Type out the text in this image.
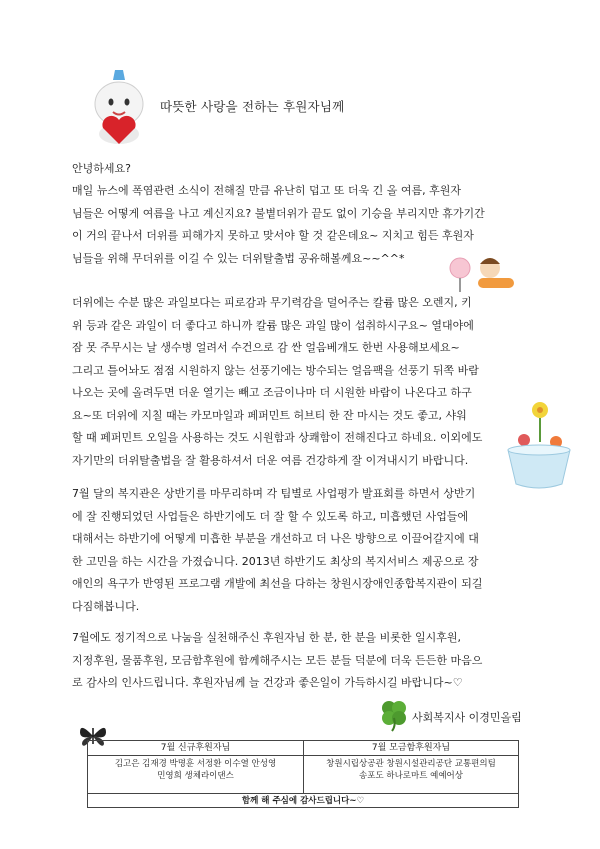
따뜻한 사랑을 전하는 후원자님께
안녕하세요?
매일 뉴스에 폭염관련 소식이 전해질 만큼 유난히 덥고 또 더욱 긴 올 여름, 후원자
님들은 어떻게 여름을 나고 계신지요? 불볕더위가 끝도 없이 기승을 부리지만 휴가기간
이 거의 끝나서 더위를 피해가지 못하고 맞서야 할 것 같은데요~ 지치고 힘든 후원자
님들을 위해 무더위를 이길 수 있는 더위탈출법 공유해볼께요~~^^*
더위에는 수분 많은 과일보다는 피로감과 무기력감을 덜어주는 칼륨 많은 오렌지, 키
위 등과 같은 과일이 더 좋다고 하니까 칼륨 많은 과일 많이 섭취하시구요~ 열대야에
잠 못 주무시는 날 생수병 얼려서 수건으로 감 싼 얼음베개도 한번 사용해보세요~
그리고 틀어놔도 점점 시원하지 않는 선풍기에는 방수되는 얼음팩을 선풍기 뒤쪽 바람
나오는 곳에 올려두면 더운 열기는 빼고 조금이나마 더 시원한 바람이 나온다고 하구
요~또 더위에 지칠 때는 카모마일과 페퍼민트 허브티 한 잔 마시는 것도 좋고, 샤워
할 때 페퍼민트 오일을 사용하는 것도 시원함과 상쾌함이 전해진다고 하네요. 이외에도
자기만의 더위탈출법을 잘 활용하셔서 더운 여름 건강하게 잘 이겨내시기 바랍니다.
7월 달의 복지관은 상반기를 마무리하며 각 팀별로 사업평가 발표회를 하면서 상반기
에 잘 진행되었던 사업들은 하반기에도 더 잘 할 수 있도록 하고, 미흡했던 사업들에
대해서는 하반기에 어떻게 미흡한 부분을 개선하고 더 나은 방향으로 이끌어갈지에 대
한 고민을 하는 시간을 가졌습니다. 2013년 하반기도 최상의 복지서비스 제공으로 장
애인의 욕구가 반영된 프로그램 개발에 최선을 다하는 창원시장애인종합복지관이 되길
다짐해봅니다.
7월에도 정기적으로 나눔을 실천해주신 후원자님 한 분, 한 분을 비롯한 일시후원,
지정후원, 물품후원, 모금함후원에 함께해주시는 모든 분들 덕분에 더욱 든든한 마음으
로 감사의 인사드립니다. 후원자님께 늘 건강과 좋은일이 가득하시길 바랍니다~♡
사회복지사 이경민올림
7월 신규후원자님
김고은 김재경 박명훈 서정환 이수열 안성영
민영희 생체라이댄스
7월 모금함후원자님
창원시립상공관 창원시설관리공단 교통편의팀
송포도 하나로마트 예예어상
함께 해 주심에 감사드립니다~♡
